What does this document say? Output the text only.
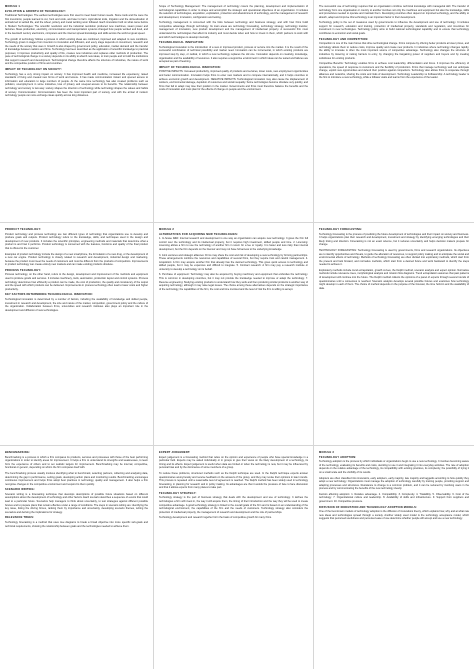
MODULE 1
EVOLUTION & GROWTH OF TECHNOLOGY:

Traditional Technologies: The earliest technologies were first used to meet basic human needs. Stone tools and fire were the first inventions; people learned to cut, hunt and cook, and later to farm. Agricultural tools, irrigation and the domestication of animals led to settled life, and the wheel, pottery and metal working soon followed. Each innovation built on what came before it. Modern Technologies: The scientific revolution and the industrial revolution produced new machines, steam power and factories. Mass production, electricity, communication and transportation systems changed how people worked and lived, and in the twentieth century electronics, computers and the internet spread knowledge and skills across the world at great speed.

The growth of technology follows a process in which existing ideas are combined, improved and adapted to new conditions. Technology grows in stages from invention to innovation and diffusion, and every stage depends on investment, research and the needs of the society that uses it. Growth is also shaped by government policy, education, market demand and the transfer of knowledge between nations and firms. Technology has been described as the application of scientific knowledge to practical purposes; it improves productivity and quality of life, creates new industries and replaces older methods of production. The pace of technological change in a society depends on its ability to absorb new ideas, to train people and to build the institutions that support research and development. Technological change therefore affects the structure of industries, the nature of work and the competitive position of firms and countries.

IMPACT OF TECHNOLOGY ON SOCIETY:

Technology has a very strong impact on society. It has improved health and medicine, increased life expectancy, raised standards of living and created new forms of work and leisure. It has made communication instant and opened access to information and education to large numbers of people. At the same time technology has also created problems such as pollution, unemployment in some industries, loss of privacy and unequal access to its benefits. The relationship between technology and society is two-way: society shapes the direction of technology while technology shapes the values and habits of society. Communication: Communication has been the most important part of society, and with the arrival of modern technology people can now exchange ideas quickly across long distances.

Scope of Technology Management: The management of technology covers the planning, development and implementation of technological capabilities in order to shape and accomplish the strategic and operational objectives of an organization. It includes the selection of technologies, acquisition, exploitation, protection and abandonment of technology, and the management of research and development, innovation, configuration and testing.

Technology management is concerned with the links between technology and business strategy, and with how firms build competitive advantage through technology. Its main areas are technology forecasting, technology strategy, technology transfer, management of innovation, new product development and the management of intellectual property. A successful firm must understand the technologies that affect its industry and must decide when and how to invest in them, which partners to work with and which technologies to develop internally.

TECHNOLOGICAL INNOVATION:

Technological innovation is the introduction of a new or improved product, process or service into the market. It is the result of the successful combination of technical possibility and market need. Innovation can be incremental, in which existing products are improved step by step, or radical, in which a new technology replaces the old one. Innovation depends on creativity, knowledge, organisation and the availability of resources. It also requires a supportive environment in which ideas can be tested and failures are accepted as part of learning.

IMPACT OF TECHNOLOGICAL INNOVATION:

POSITIVE IMPACTS: Increased productivity, improved quality of products and services, lower costs, new employment opportunities and better communication. Innovation helps firms to enter new markets and to compete internationally, and it helps countries to achieve economic growth and development. NEGATIVE IMPACTS: Technological innovation may also cause the displacement of workers, environmental damage, depletion of resources and social inequality. Some technologies become obsolete very quickly, and firms that fail to adapt may lose their position in the market. Governments and firms must therefore balance the benefits and the costs of innovation and must plan for the effects of change on people and the environment.

The successful use of technology requires that an organisation combine technical knowledge with managerial skill. The transfer of technology from one organisation or country to another involves not only the machines and equipment but also the knowledge, skills and procedures needed to operate and maintain them. Developing countries often depend on imported technology, and the ability to absorb, adapt and improve this technology is an important factor in their development.

Technology policy is the set of measures used by governments to influence the development and use of technology. It includes support for research, education and training, protection of intellectual property, standards and regulation, and incentives for investment in new technologies. Technology policy aims to build national technological capability and to ensure that technology contributes to economic and social goals.

TECHNOLOGY AND COMPETITION:

Competition is one of the main forces that drive technological change. Firms compete by offering better products at lower prices, and technology allows them to reduce costs, improve quality and create new products. In industries where technology changes rapidly, the ability to innovate is often the most important source of competitive advantage. Technology also changes the structure of industries by lowering or raising barriers to entry, by changing the bargaining power of suppliers and buyers and by creating substitutes for existing products.

Competitive Benefits: Technology enables firms to achieve cost leadership, differentiation and focus. It improves the efficiency of operations, the speed of response to customers and the flexibility of production. Firms that manage technology well can anticipate change, exploit new opportunities and defend their position against competitors. Technology also allows firms to cooperate through alliances and networks, sharing the costs and risks of development. Technology Leadership vs Followership: A technology leader is the first to introduce a new technology, while a follower waits and learns from the experience of the leader.

PRODUCT TECHNOLOGY:

Product technology and process technology are two different types of technology that organizations use to develop and produce goals and outputs. Product technology refers to the knowledge, skills, and techniques used in the design and development of new products. It includes the scientific principles, engineering methods and materials that determine what a product is and how it performs. Product technology is concerned with the features, functions and quality of the final product that is offered to the customer.

Examples of product technology include the design of a new smartphone, the formulation of a new drug, or the development of a new car engine. Product technology is closely related to research and development, industrial design and marketing, because the product must meet the needs of customers and must be different from the products of competitors. Improvements in product technology can create entirely new markets and can make existing products obsolete.

PROCESS TECHNOLOGY:

Process technology, on the other hand, refers to the design, development and improvement of the methods and equipment used to produce goods and services. It includes machinery, tools, automation, production layout and control systems. Process technology determines how efficiently a product can be made, the cost of production, the quality and consistency of the output and the speed with which products can be delivered. Improvements in process technology often lead to lower costs and higher productivity.

KEY FACTORS DETERMINING TECHNOLOGICAL INNOVATION:

Technological innovation is determined by a number of factors, including the availability of knowledge and skilled people, investment in research and development, the size and nature of the market, competition, government policy and the culture of the organization. Collaboration between firms, universities and research institutes also plays an important role in the development and diffusion of new technologies.

MODULE 2
ALTERNATIVES FOR ACQUIRING NEW TECHNOLOGIES:

1. In-house R&D: Internal research and development is one way an organization can acquire new technology. It gives the firm full control over the technology and its intellectual property, but it requires high investment, skilled people and time. 2. Licensing: Licensing allows a firm to use the technology of another firm in return for a fee or royalty. It is faster and less risky than internal development, but the firm depends on the licensor and may not have full access to the underlying knowledge.

3. Joint ventures and strategic alliances: Firms may share the cost and risk of developing a new technology by forming partnerships. These arrangements combine the resources and capabilities of several firms, but they require trust and careful management. 4. Acquisition: A firm may acquire another firm that already has the desired technology. This gives quick access to technology and skilled people, but it may be expensive and difficult to integrate. 5. Contract research: A firm may pay a research institute or university to develop a technology on its behalf.

6. Purchase of equipment: Technology may also be acquired by buying machinery and equipment that embodies the technology. This is common in developing countries, but it may not provide the knowledge needed to improve or adapt the technology. 7. Reverse engineering: Studying existing products to understand how they work and then producing similar products is another way of acquiring technology, although it may raise legal issues. The choice among these alternatives depends on the strategic importance of the technology, the capabilities of the firm, the cost and time involved and the level of risk the firm is willing to accept.

TECHNOLOGY FORECASTING:

Technology forecasting is the process of predicting the future development of technologies and their impact on society and business. It helps organizations plan their research and development, investment and strategy by identifying emerging technologies and their likely timing and direction. Forecasting is not an exact science, but it reduces uncertainty and helps decision makers prepare for change.

TECHNOLOGY FORECASTING: Technology forecasting is used by governments, firms and research organizations. Its objectives are to identify opportunities and threats, to guide the allocation of resources, to support policy making and to anticipate the social and environmental effects of technology. Methods of technology forecasting are often divided into exploratory methods, which start from the present and look forward, and normative methods, which start from a desired future and work backward to identify the steps needed to achieve it.

Exploratory methods include trend extrapolation, growth curves, the Delphi method, scenario analysis and expert opinion. Normative methods include relevance trees, morphological analysis and mission flow diagrams. Trend extrapolation assumes that past patterns of development will continue into the future. The Delphi method collects the opinions of a panel of experts through several rounds of questionnaires until a consensus is reached. Scenario analysis develops several possible futures and examines how technology might develop in each of them. The choice of method depends on the purpose of the forecast, the time horizon and the availability of data.

BENCHMARKING:

Benchmarking is a process in which a firm compares its products, services and processes with those of the best performing organizations in order to identify areas for improvement. It helps a firm to understand its strengths and weaknesses, to learn from the experience of others and to set realistic targets for improvement. Benchmarking may be internal, competitive, functional or generic, depending on whom the firm compares itself with.

The benchmarking process usually involves identifying what to benchmark, selecting partners, collecting and analysing data, determining the gap in performance, setting goals, developing action plans and monitoring results. Benchmarking encourages continuous improvement and helps firms adopt best practices in technology, quality and management. It also helps a firm recognise changes in the competitive environment and respond to them quickly.

SCENARIO WRITING:

Scenario writing is a forecasting technique that develops descriptions of possible future situations based on different assumptions about the development of technology and other factors. Each scenario describes a sequence of events that could lead to a particular future. Scenarios help managers to think about uncertainty, to test strategies against different possible futures and to prepare plans that remain effective under a range of conditions. The steps in scenario writing are: identifying the key issue, listing the driving forces, ranking them by importance and uncertainty, developing scenario themes, writing the scenarios and deriving the implications for strategy.

RELEVANCE TREES:

Technology forecasting is a method that uses tree diagrams to break a broad objective into more specific sub-goals and technical requirements, showing the relationship between goals and the technologies needed to achieve them.

EXPERT JUDGEMENT:

Expert judgement is a forecasting method that relies on the opinion and experience of people who have special knowledge in a particular field. Experts may be asked individually or in groups to give their views on the likely development of a technology, its timing and its effects. Expert judgement is useful when data are limited or when the technology is new, but it may be influenced by personal bias and by the dominance of some members of a group.

To reduce these problems, structured methods such as the Delphi technique are used. In the Delphi technique experts answer questionnaires anonymously and receive feedback on the answers of the group, and they may revise their opinions in later rounds. This process is repeated until a reasonable level of agreement is reached. The Delphi method has been widely used in technology forecasting, in planning for research and in policy making. Its advantages are that it avoids the pressure of face to face discussion and that it allows experts from many places to take part.

TECHNOLOGY STRATEGY:

Technology strategy is the part of business strategy that deals with the development and use of technology. It defines the technologies a firm will invest in, the way it will acquire them, the timing of their introduction and the way they will be used to create competitive advantage. A good technology strategy is linked to the overall goals of the firm and is based on an understanding of the technological environment, the capabilities of the firm and the needs of customers. Technology strategy also considers the protection of intellectual property, the management of research and development and the role of partnerships.

Technology development and research together form the basis of competitive growth for many firms.

MODULE 3
TECHNOLOGY ADOPTION:

Technology adoption is the process by which individuals or organizations begin to use a new technology. It involves becoming aware of the technology, evaluating its benefits and costs, deciding to use it and integrating it into everyday activities. The rate of adoption depends on the relative advantage of the technology, its compatibility with existing practices, its complexity, the possibility of trying it on a small scale and the visibility of its results.

Adopters are often classified into innovators, early adopters, early majority, late majority and laggards according to how quickly they adopt a new technology. Organizations must manage the adoption of technology carefully by training people, providing support and adapting processes and structures. Resistance to change is a common problem, and it can be reduced by involving users in the process and by communicating the benefits of the new technology clearly.

Factors affecting adoption: 1. Relative advantage. 2. Compatibility. 3. Complexity. 4. Trialability. 5. Observability. 6. Cost of the technology. 7. Organizational culture and leadership. 8. Availability of skills and infrastructure. 9. Support from suppliers and government. 10. Competitive pressure.

DIFFUSION OF INNOVATION AND TECHNOLOGY ADOPTION MODELS:

One of the best known models of technology adoption is the diffusion of innovations theory, which explains how, why and at what rate new ideas and technologies spread through a society. Another widely used model is the technology acceptance model, which suggests that perceived usefulness and perceived ease of use determine whether people will accept and use a new technology.
